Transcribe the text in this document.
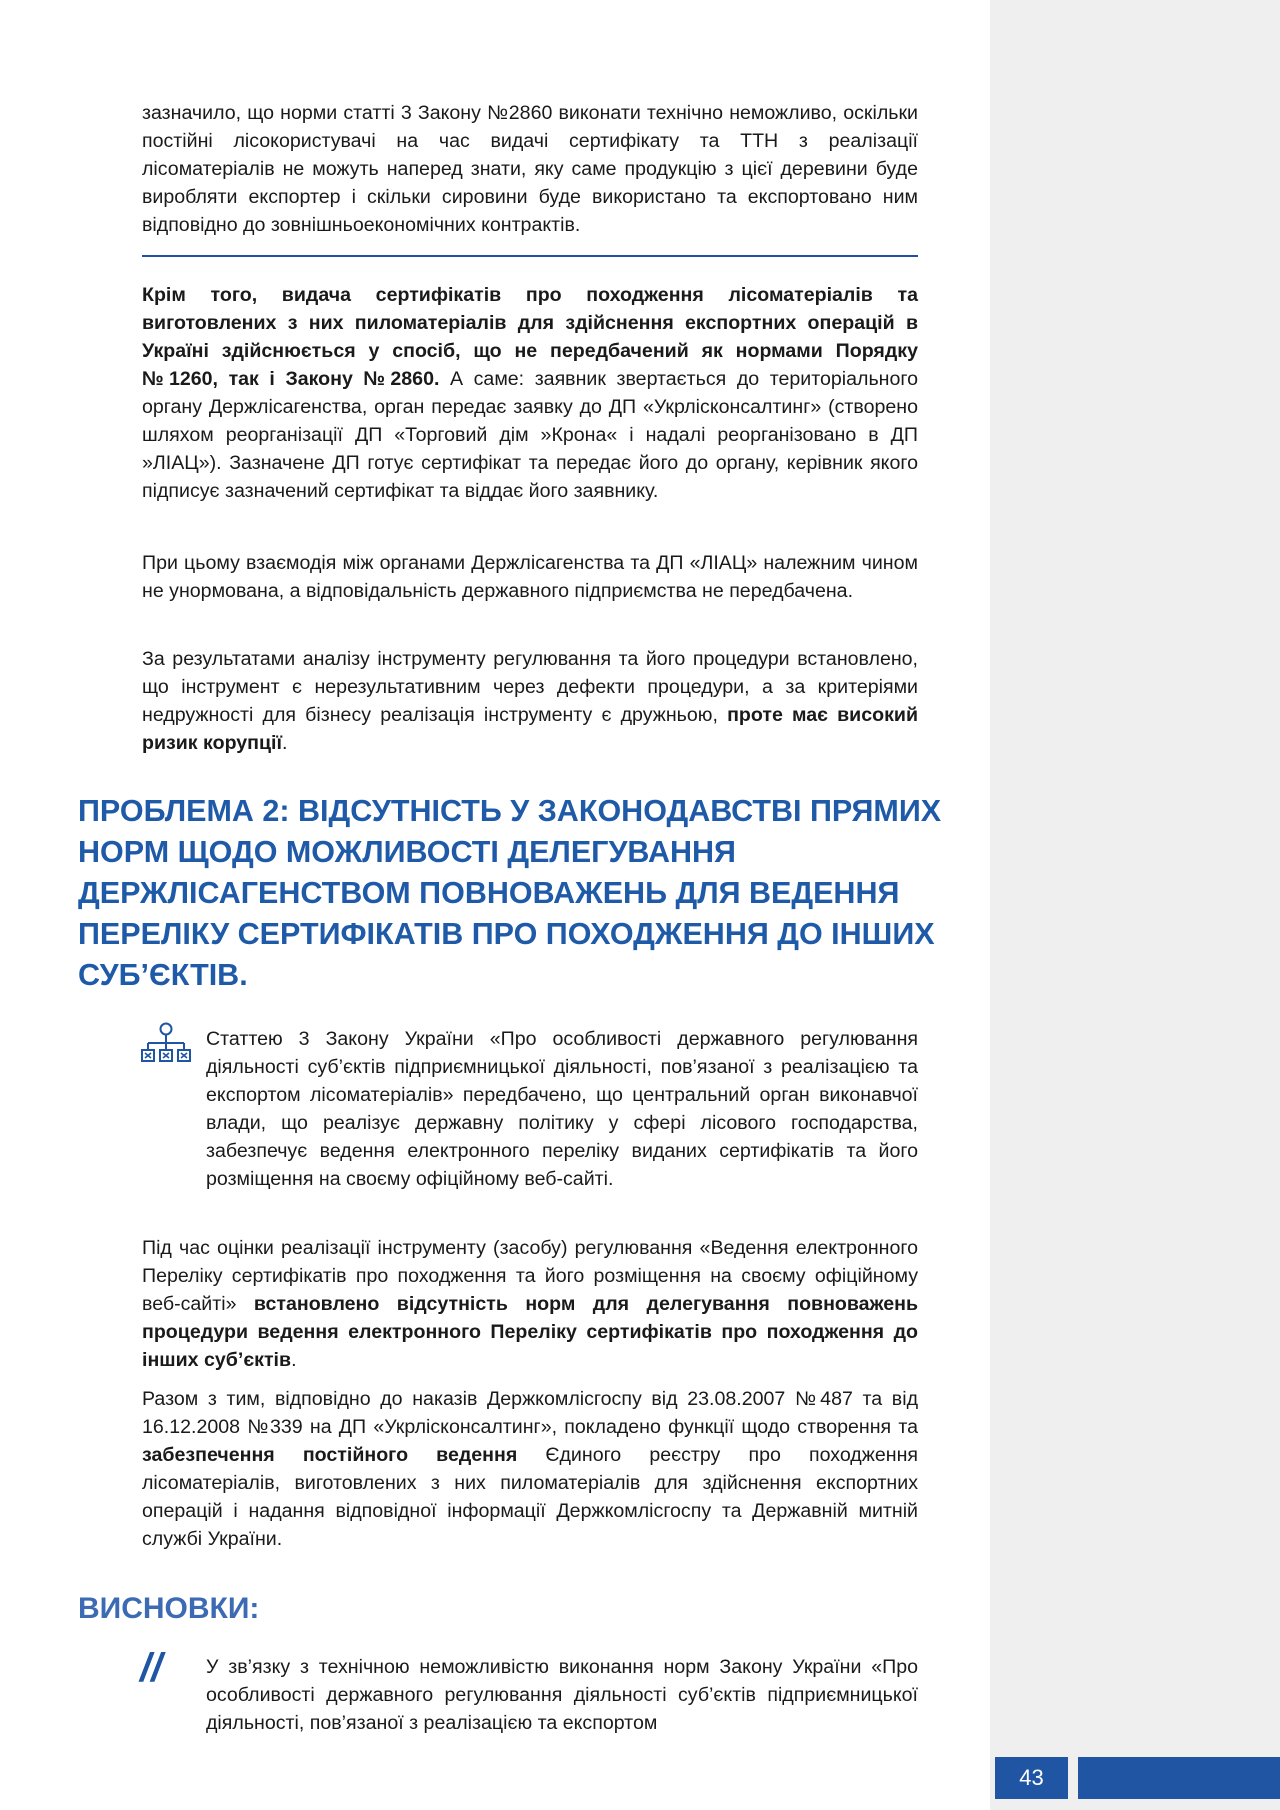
зазначило, що норми статті 3 Закону №2860 виконати технічно неможливо, оскільки постійні лісокористувачі на час видачі сертифікату та ТТН з реалізації лісоматеріалів не можуть наперед знати, яку саме продукцію з цієї деревини буде виробляти експортер і скільки сировини буде використано та експортовано ним відповідно до зовнішньоекономічних контрактів.

Крім того, видача сертифікатів про походження лісоматеріалів та виготовлених з них пиломатеріалів для здійснення експортних операцій в Україні здійснюється у спосіб, що не передбачений як нормами Порядку №1260, так і Закону №2860. А саме: заявник звертається до територіального органу Держлісагенства, орган передає заявку до ДП «Укрлісконсалтинг» (створено шляхом реорганізації ДП «Торговий дім »Крона« і надалі реорганізовано в ДП »ЛІАЦ»). Зазначене ДП готує сертифікат та передає його до органу, керівник якого підписує зазначений сертифікат та віддає його заявнику.

При цьому взаємодія між органами Держлісагенства та ДП «ЛІАЦ» належним чином не унормована, а відповідальність державного підприємства не передбачена.

За результатами аналізу інструменту регулювання та його процедури встановлено, що інструмент є нерезультативним через дефекти процедури, а за критеріями недружності для бізнесу реалізація інструменту є дружньою, проте має високий ризик корупції.

ПРОБЛЕМА 2: ВІДСУТНІСТЬ У ЗАКОНОДАВСТВІ ПРЯМИХ НОРМ ЩОДО МОЖЛИВОСТІ ДЕЛЕГУВАННЯ ДЕРЖЛІСАГЕНСТВОМ ПОВНОВАЖЕНЬ ДЛЯ ВЕДЕННЯ ПЕРЕЛІКУ СЕРТИФІКАТІВ ПРО ПОХОДЖЕННЯ ДО ІНШИХ СУБ’ЄКТІВ.

Статтею 3 Закону України «Про особливості державного регулювання діяльності суб’єктів підприємницької діяльності, пов’язаної з реалізацією та експортом лісоматеріалів» передбачено, що центральний орган виконавчої влади, що реалізує державну політику у сфері лісового господарства, забезпечує ведення електронного переліку виданих сертифікатів та його розміщення на своєму офіційному веб-сайті.

Під час оцінки реалізації інструменту (засобу) регулювання «Ведення електронного Переліку сертифікатів про походження та його розміщення на своєму офіційному веб-сайті» встановлено відсутність норм для делегування повноважень процедури ведення електронного Переліку сертифікатів про походження до інших суб’єктів.

Разом з тим, відповідно до наказів Держкомлісгоспу від 23.08.2007 №487 та від 16.12.2008 №339 на ДП «Укрлісконсалтинг», покладено функції щодо створення та забезпечення постійного ведення Єдиного реєстру про походження лісоматеріалів, виготовлених з них пиломатеріалів для здійснення експортних операцій і надання відповідної інформації Держкомлісгоспу та Державній митній службі України.

ВИСНОВКИ:
// У зв’язку з технічною неможливістю виконання норм Закону України «Про особливості державного регулювання діяльності суб’єктів підприємницької діяльності, пов’язаної з реалізацією та експортом

43
